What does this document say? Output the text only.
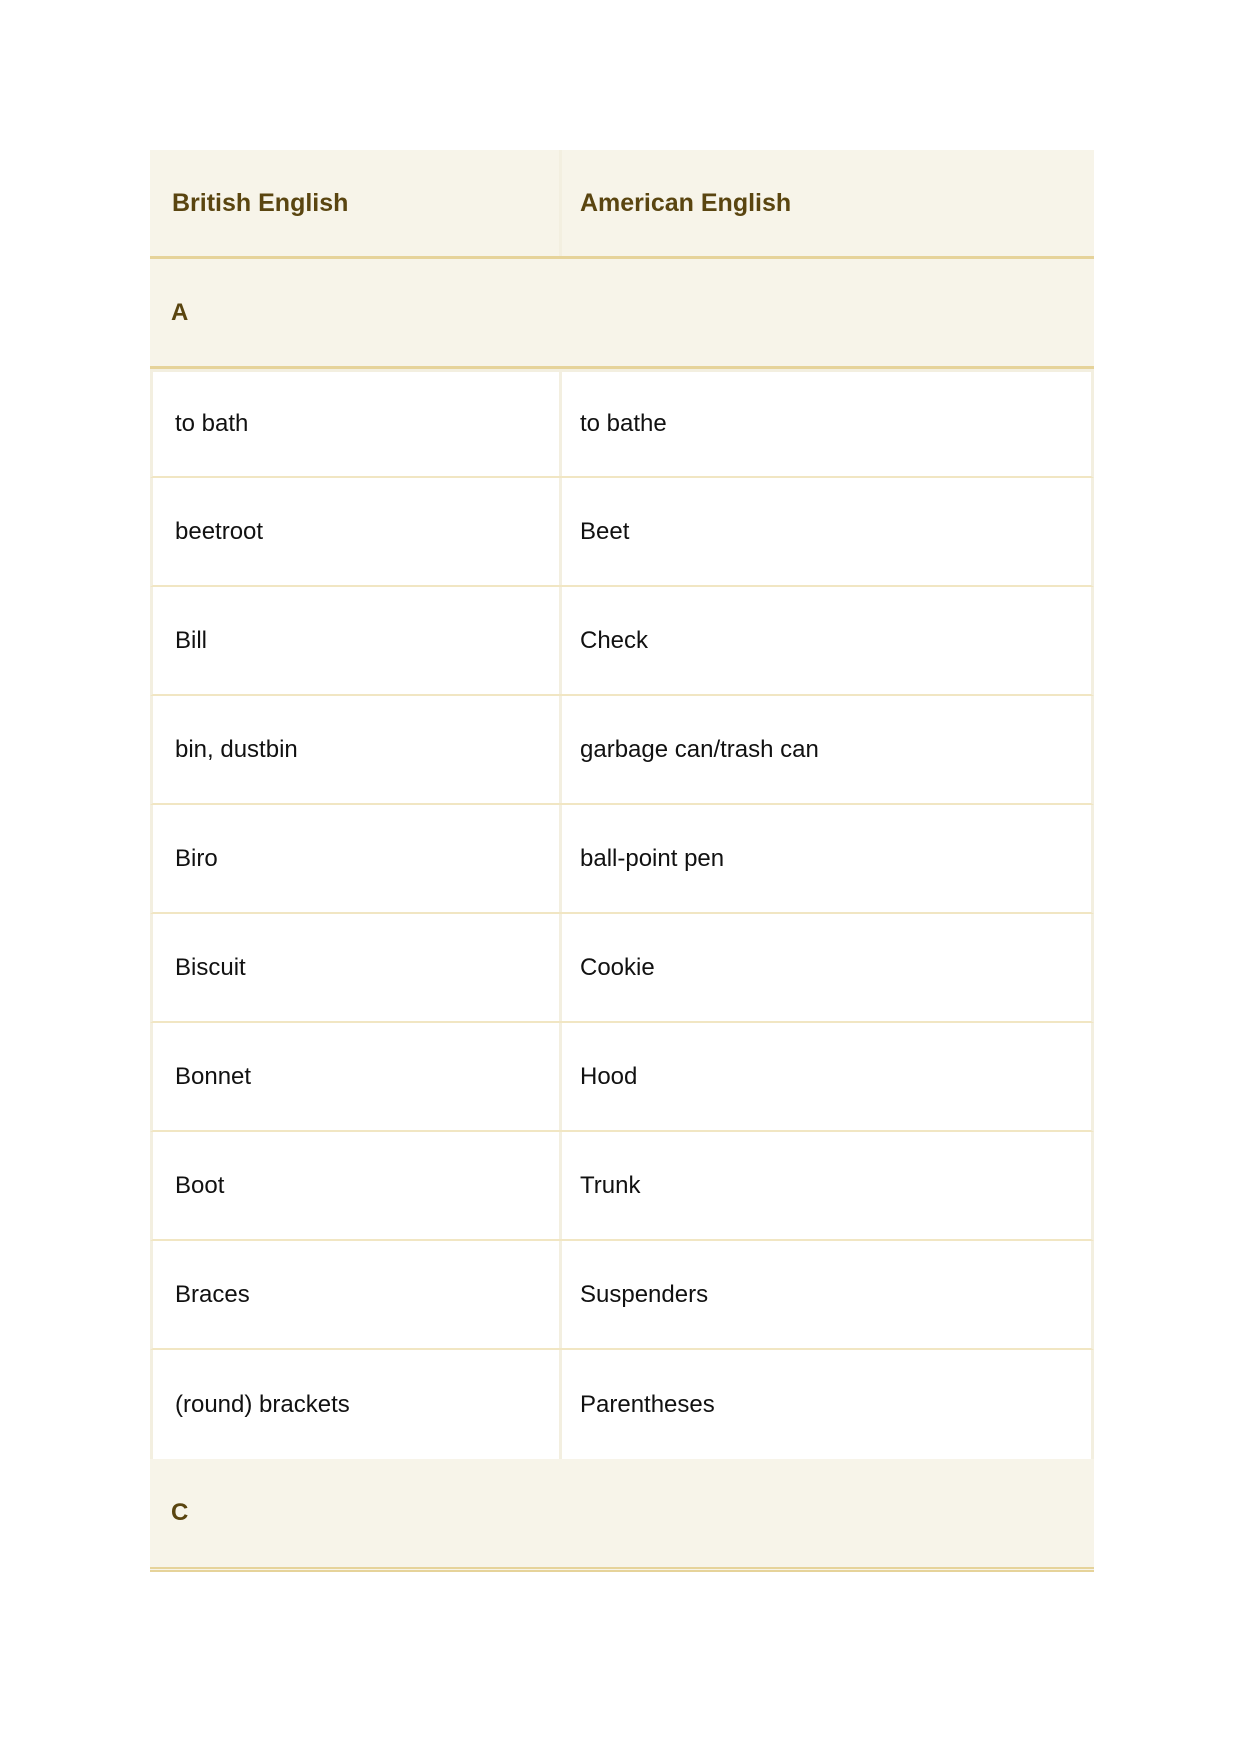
British English	American English
A
to bath	to bathe
beetroot	Beet
Bill	Check
bin, dustbin	garbage can/trash can
Biro	ball-point pen
Biscuit	Cookie
Bonnet	Hood
Boot	Trunk
Braces	Suspenders
(round) brackets	Parentheses
C
